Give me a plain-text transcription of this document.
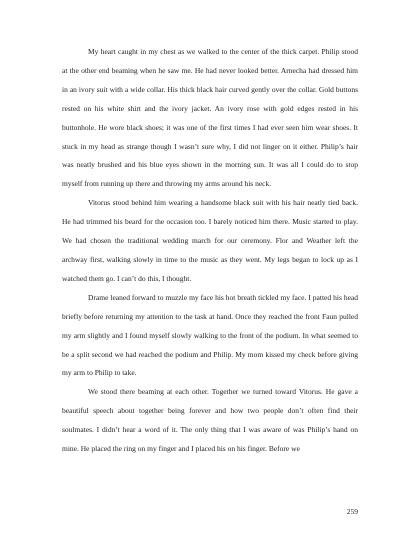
My heart caught in my chest as we walked to the center of the thick carpet. Philip stood at the other end beaming when he saw me. He had never looked better. Arnecha had dressed him in an ivory suit with a wide collar. His thick black hair curved gently over the collar. Gold buttons rested on his white shirt and the ivory jacket. An ivory rose with gold edges rested in his buttonhole. He wore black shoes; it was one of the first times I had ever seen him wear shoes. It stuck in my head as strange though I wasn’t sure why, I did not linger on it either. Philip’s hair was neatly brushed and his blue eyes shown in the morning sun. It was all I could do to stop myself from running up there and throwing my arms around his neck.

Vitorus stood behind him wearing a handsome black suit with his hair neatly tied back. He had trimmed his beard for the occasion too. I barely noticed him there. Music started to play. We had chosen the traditional wedding march for our ceremony. Flor and Weather left the archway first, walking slowly in time to the music as they went. My legs began to lock up as I watched them go. I can’t do this, I thought.

Drame leaned forward to muzzle my face his hot breath tickled my face. I patted his head briefly before returning my attention to the task at hand. Once they reached the front Faun pulled my arm slightly and I found myself slowly walking to the front of the podium. In what seemed to be a split second we had reached the podium and Philip. My mom kissed my check before giving my arm to Philip to take.

We stood there beaming at each other. Together we turned toward Vitorus. He gave a beautiful speech about together being forever and how two people don’t often find their soulmates. I didn’t hear a word of it. The only thing that I was aware of was Philip’s hand on mine. He placed the ring on my finger and I placed his on his finger. Before we

259
